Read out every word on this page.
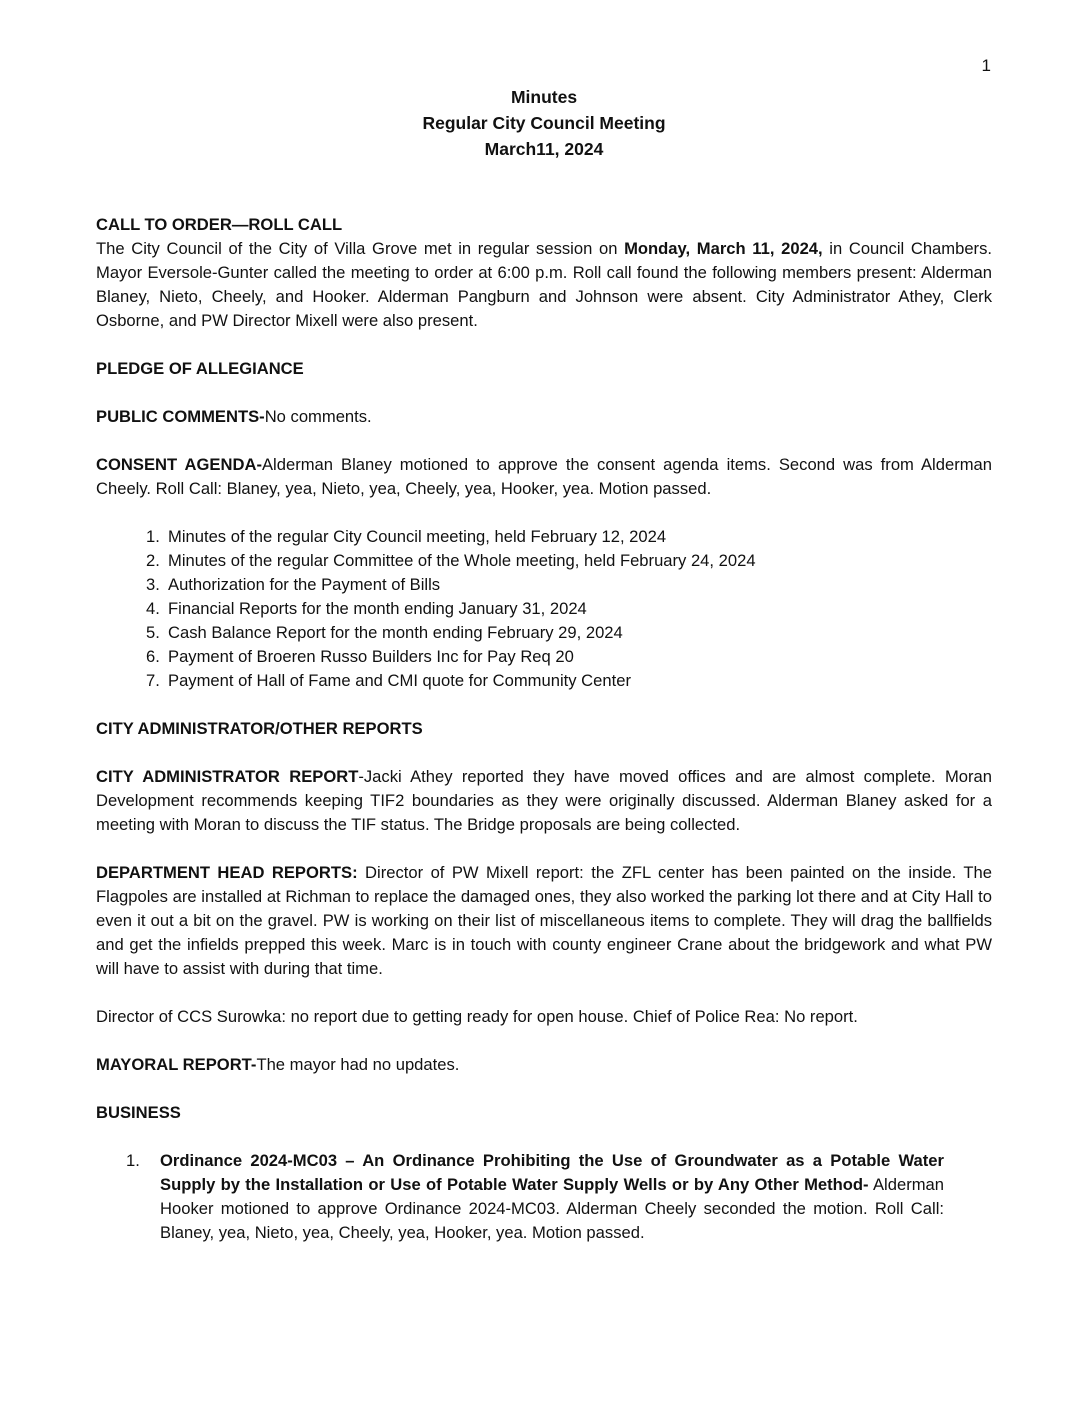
1
Minutes
Regular City Council Meeting
March11, 2024

CALL TO ORDER—ROLL CALL
The City Council of the City of Villa Grove met in regular session on Monday, March 11, 2024, in Council Chambers. Mayor Eversole-Gunter called the meeting to order at 6:00 p.m. Roll call found the following members present: Alderman Blaney, Nieto, Cheely, and Hooker. Alderman Pangburn and Johnson were absent. City Administrator Athey, Clerk Osborne, and PW Director Mixell were also present.

PLEDGE OF ALLEGIANCE

PUBLIC COMMENTS-No comments.

CONSENT AGENDA-Alderman Blaney motioned to approve the consent agenda items. Second was from Alderman Cheely. Roll Call: Blaney, yea, Nieto, yea, Cheely, yea, Hooker, yea. Motion passed.

1. Minutes of the regular City Council meeting, held February 12, 2024
2. Minutes of the regular Committee of the Whole meeting, held February 24, 2024
3. Authorization for the Payment of Bills
4. Financial Reports for the month ending January 31, 2024
5. Cash Balance Report for the month ending February 29, 2024
6. Payment of Broeren Russo Builders Inc for Pay Req 20
7. Payment of Hall of Fame and CMI quote for Community Center

CITY ADMINISTRATOR/OTHER REPORTS

CITY ADMINISTRATOR REPORT-Jacki Athey reported they have moved offices and are almost complete. Moran Development recommends keeping TIF2 boundaries as they were originally discussed. Alderman Blaney asked for a meeting with Moran to discuss the TIF status. The Bridge proposals are being collected.

DEPARTMENT HEAD REPORTS: Director of PW Mixell report: the ZFL center has been painted on the inside. The Flagpoles are installed at Richman to replace the damaged ones, they also worked the parking lot there and at City Hall to even it out a bit on the gravel. PW is working on their list of miscellaneous items to complete. They will drag the ballfields and get the infields prepped this week. Marc is in touch with county engineer Crane about the bridgework and what PW will have to assist with during that time.

Director of CCS Surowka: no report due to getting ready for open house. Chief of Police Rea: No report.

MAYORAL REPORT-The mayor had no updates.

BUSINESS

1.	Ordinance 2024-MC03 – An Ordinance Prohibiting the Use of Groundwater as a Potable Water Supply by the Installation or Use of Potable Water Supply Wells or by Any Other Method- Alderman Hooker motioned to approve Ordinance 2024-MC03. Alderman Cheely seconded the motion. Roll Call: Blaney, yea, Nieto, yea, Cheely, yea, Hooker, yea. Motion passed.
